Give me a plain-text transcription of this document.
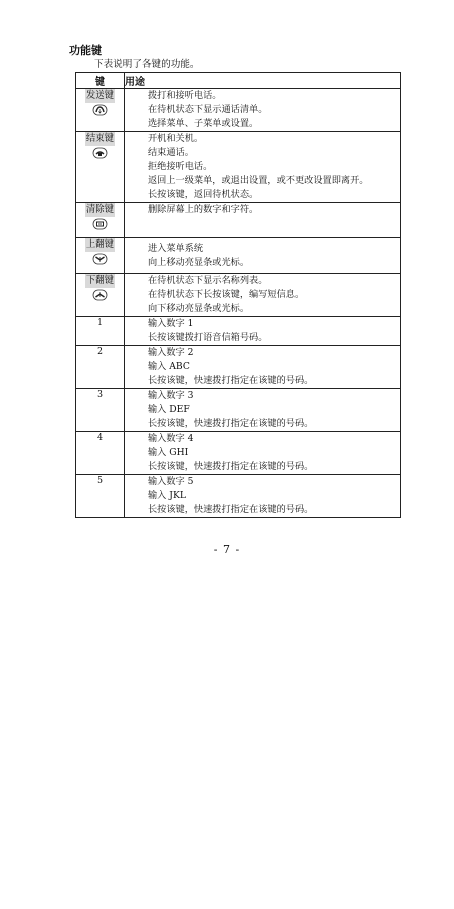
功能键
下表说明了各键的功能。
键	用途
发送键	拨打和接听电话。
在待机状态下显示通话清单。
选择菜单、子菜单或设置。

结束键	开机和关机。
结束通话。
拒绝接听电话。
返回上一级菜单，或退出设置，或不更改设置即离开。
长按该键，返回待机状态。

清除键	删除屏幕上的数字和字符。

上翻键	进入菜单系统
向上移动亮显条或光标。

下翻键	在待机状态下显示名称列表。
在待机状态下长按该键，编写短信息。
向下移动亮显条或光标。

1	输入数字 1
长按该键拨打语音信箱号码。

2	输入数字 2
输入 ABC
长按该键，快速拨打指定在该键的号码。

3	输入数字 3
输入 DEF
长按该键，快速拨打指定在该键的号码。

4	输入数字 4
输入 GHI
长按该键，快速拨打指定在该键的号码。

5	输入数字 5
输入 JKL
长按该键，快速拨打指定在该键的号码。
- 7 -
